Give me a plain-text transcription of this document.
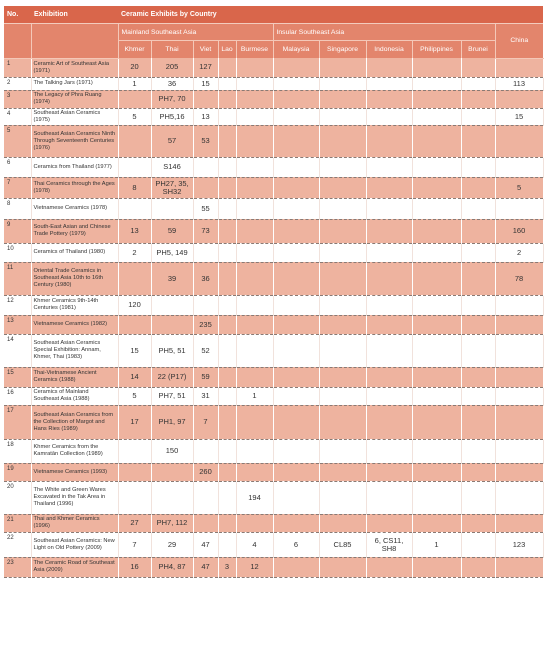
No.	Exhibition	Ceramic Exhibits by Country										
		Mainland Southeast Asia					Insular Southeast Asia					China
		Khmer	Thai	Viet	Lao	Burmese	Malaysia	Singapore	Indonesia	Philippines	Brunei	
1	Ceramic Art of Southeast Asia (1971)	20	205	127								
2	The Talking Jars (1971)	1	36	15								113
3	The Legacy of Phra Ruang (1974)		PH7, 70									
4	Southeast Asian Ceramics (1975)	5	PH5,16	13								15
5	Southeast Asian Ceramics Ninth Through Seventeenth Centuries (1976)		57	53								
6	Ceramics from Thailand (1977)		S146									
7	Thai Ceramics through the Ages (1978)	8	PH27, 35, SH32									5
8	Vietnamese Ceramics (1978)			55								
9	South-East Asian and Chinese Trade Pottery (1979)	13	59	73								160
10	Ceramics of Thailand (1980)	2	PH5, 149									2
11	Oriental Trade Ceramics in Southeast Asia 10th to 16th Century (1980)		39	36								78
12	Khmer Ceramics 9th-14th Centuries (1981)	120										
13	Vietnamese Ceramics (1982)			235								
14	Southeast Asian Ceramics Special Exhibition: Annam, Khmer, Thai (1983)	15	PH5, 51	52								
15	Thai-Vietnamese Ancient Ceramics (1988)	14	22 (P17)	59								
16	Ceramics of Mainland Southeast Asia (1988)	5	PH7, 51	31		1						
17	Southeast Asian Ceramics from the Collection of Margot and Hans Ries (1989)	17	PH1, 97	7								
18	Khmer Ceramics from the Kamratān Collection (1989)		150									
19	Vietnamese Ceramics (1993)			260								
20	The White and Green Wares Excavated in the Tak Area in Thailand (1996)					194						
21	Thai and Khmer Ceramics (1996)	27	PH7, 112									
22	Southeast Asian Ceramics: New Light on Old Pottery (2009)	7	29	47		4	6	CL85	6, CS11, SH8	1		123
23	The Ceramic Road of Southeast Asia (2009)	16	PH4, 87	47	3	12						
